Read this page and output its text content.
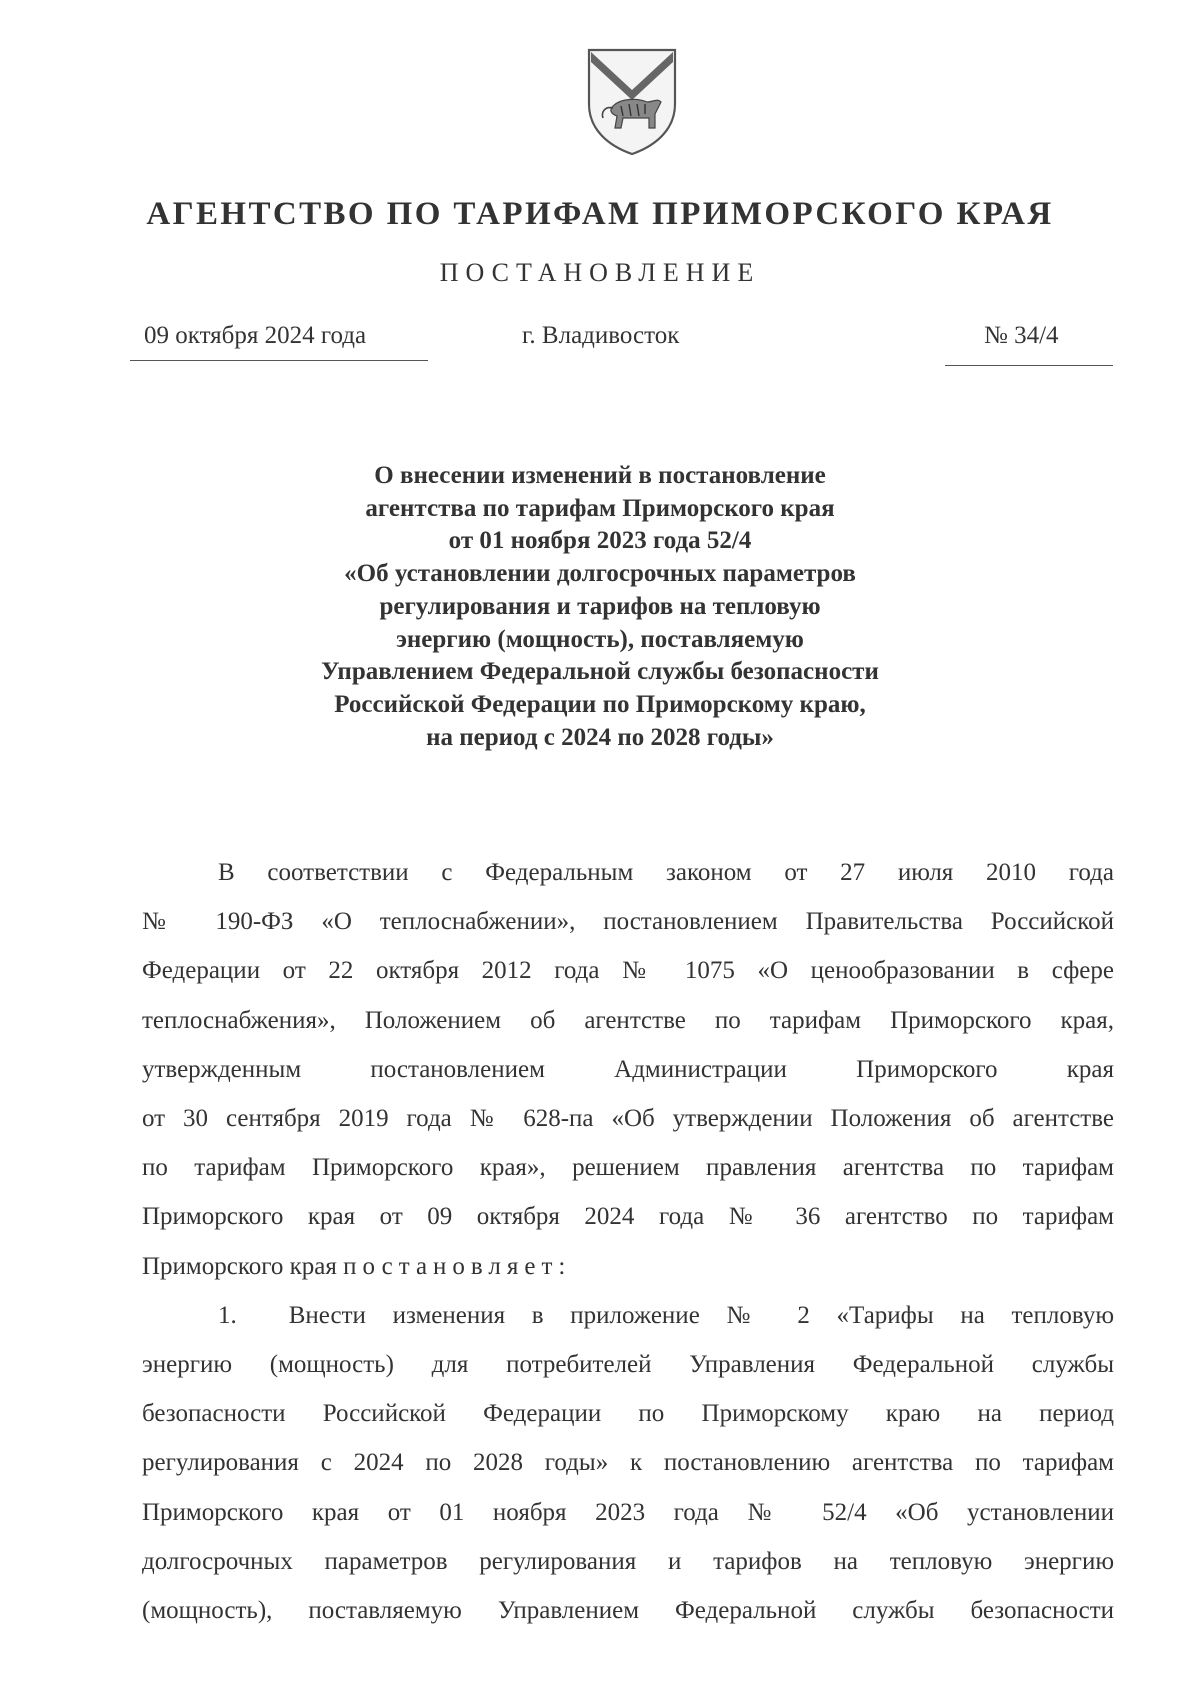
АГЕНТСТВО ПО ТАРИФАМ ПРИМОРСКОГО КРАЯ
ПОСТАНОВЛЕНИЕ
09 октября 2024 года	г. Владивосток	№ 34/4
О внесении изменений в постановление
агентства по тарифам Приморского края
от 01 ноября 2023 года 52/4
«Об установлении долгосрочных параметров
регулирования и тарифов на тепловую
энергию (мощность), поставляемую
Управлением Федеральной службы безопасности
Российской Федерации по Приморскому краю,
на период с 2024 по 2028 годы»
В соответствии с Федеральным законом от 27 июля 2010 года
№ 190-ФЗ «О теплоснабжении», постановлением Правительства Российской
Федерации от 22 октября 2012 года № 1075 «О ценообразовании в сфере
теплоснабжения», Положением об агентстве по тарифам Приморского края,
утвержденным постановлением Администрации Приморского края
от 30 сентября 2019 года № 628-па «Об утверждении Положения об агентстве
по тарифам Приморского края», решением правления агентства по тарифам
Приморского края от 09 октября 2024 года № 36 агентство по тарифам
Приморского края постановляет:
1. Внести изменения в приложение № 2 «Тарифы на тепловую
энергию (мощность) для потребителей Управления Федеральной службы
безопасности Российской Федерации по Приморскому краю на период
регулирования с 2024 по 2028 годы» к постановлению агентства по тарифам
Приморского края от 01 ноября 2023 года № 52/4 «Об установлении
долгосрочных параметров регулирования и тарифов на тепловую энергию
(мощность), поставляемую Управлением Федеральной службы безопасности
